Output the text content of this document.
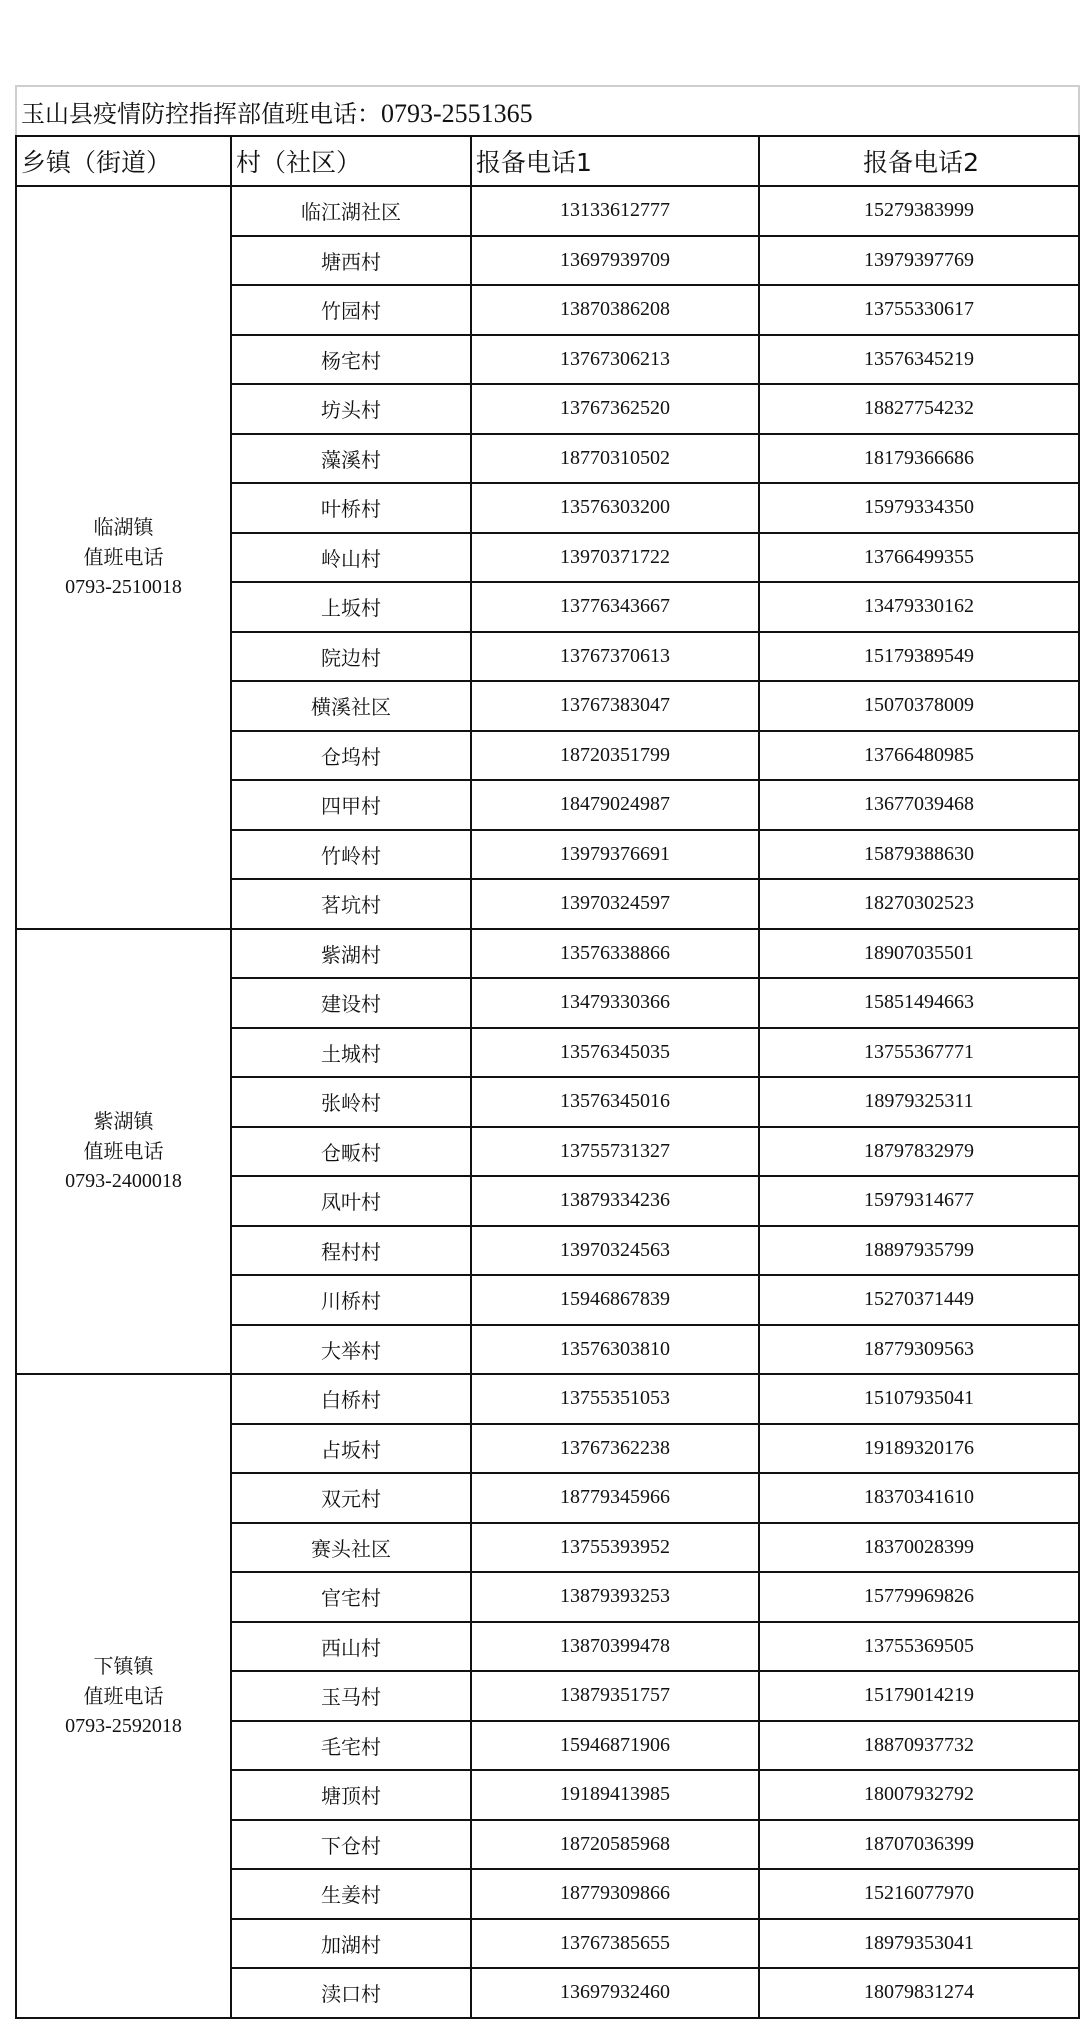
玉山县疫情防控指挥部值班电话：0793-2551365			
乡镇（街道）	村（社区）	报备电话1	报备电话2

临湖镇
值班电话
0793-2510018	临江湖社区	13133612777	15279383999
	塘西村	13697939709	13979397769
	竹园村	13870386208	13755330617
	杨宅村	13767306213	13576345219
	坊头村	13767362520	18827754232
	藻溪村	18770310502	18179366686
	叶桥村	13576303200	15979334350
	岭山村	13970371722	13766499355
	上坂村	13776343667	13479330162
	院边村	13767370613	15179389549
	横溪社区	13767383047	15070378009
	仓坞村	18720351799	13766480985
	四甲村	18479024987	13677039468
	竹岭村	13979376691	15879388630
	茗坑村	13970324597	18270302523

紫湖镇
值班电话
0793-2400018	紫湖村	13576338866	18907035501
	建设村	13479330366	15851494663
	土城村	13576345035	13755367771
	张岭村	13576345016	18979325311
	仓畈村	13755731327	18797832979
	凤叶村	13879334236	15979314677
	程村村	13970324563	18897935799
	川桥村	15946867839	15270371449
	大举村	13576303810	18779309563

下镇镇
值班电话
0793-2592018	白桥村	13755351053	15107935041
	占坂村	13767362238	19189320176
	双元村	18779345966	18370341610
	赛头社区	13755393952	18370028399
	官宅村	13879393253	15779969826
	西山村	13870399478	13755369505
	玉马村	13879351757	15179014219
	毛宅村	15946871906	18870937732
	塘顶村	19189413985	18007932792
	下仓村	18720585968	18707036399
	生姜村	18779309866	15216077970
	加湖村	13767385655	18979353041
	渎口村	13697932460	18079831274
